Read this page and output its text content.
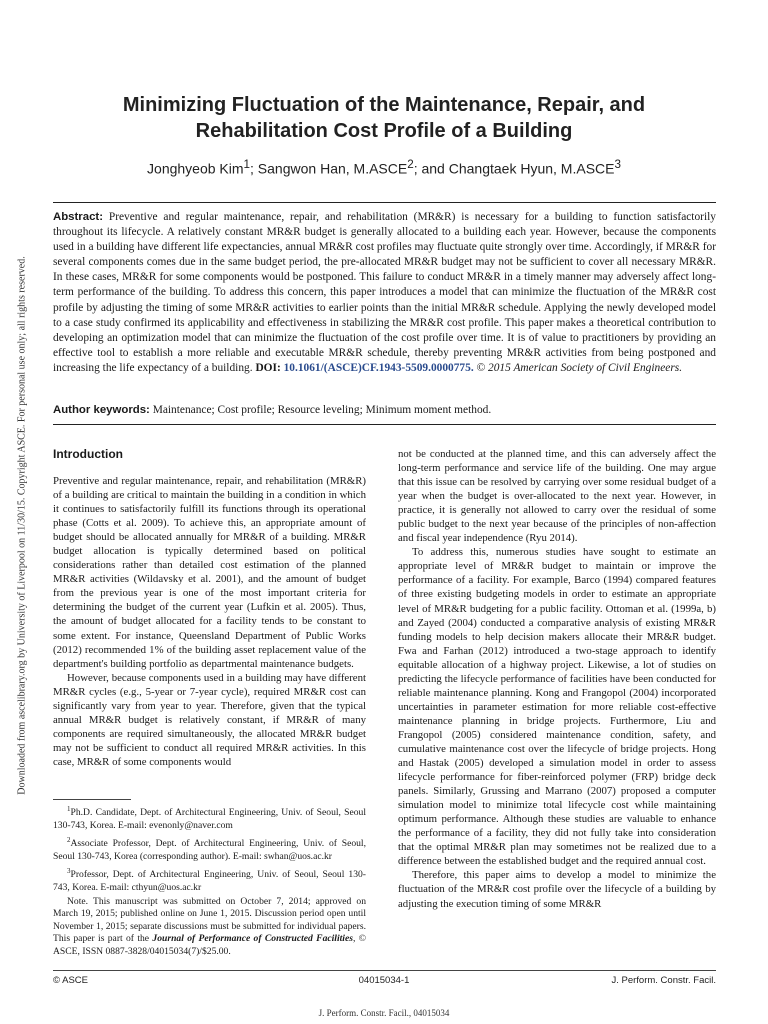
Downloaded from ascelibrary.org by University of Liverpool on 11/30/15. Copyright ASCE. For personal use only; all rights reserved.
Minimizing Fluctuation of the Maintenance, Repair, and
Rehabilitation Cost Profile of a Building
Jonghyeob Kim$^1$; Sangwon Han, M.ASCE$^2$; and Changtaek Hyun, M.ASCE$^3$
Abstract: Preventive and regular maintenance, repair, and rehabilitation (MR&R) is necessary for a building to function satisfactorily throughout its lifecycle. A relatively constant MR&R budget is generally allocated to a building each year. However, because the components used in a building have different life expectancies, annual MR&R cost profiles may fluctuate quite strongly over time. Accordingly, if MR&R for several components comes due in the same budget period, the pre-allocated MR&R budget may not be sufficient to cover all necessary MR&R. In these cases, MR&R for some components would be postponed. This failure to conduct MR&R in a timely manner may adversely affect long-term performance of the building. To address this concern, this paper introduces a model that can minimize the fluctuation of the MR&R cost profile by adjusting the timing of some MR&R activities to earlier points than the initial MR&R schedule. Applying the newly developed model to a case study confirmed its applicability and effectiveness in stabilizing the MR&R cost profile. This paper makes a theoretical contribution to developing an optimization model that can minimize the fluctuation of the cost profile over time. It is of value to practitioners by providing an effective tool to establish a more reliable and executable MR&R schedule, thereby preventing MR&R activities from being postponed and increasing the life expectancy of a building. DOI: 10.1061/(ASCE)CF.1943-5509.0000775. © 2015 American Society of Civil Engineers.
Author keywords: Maintenance; Cost profile; Resource leveling; Minimum moment method.
Introduction

Preventive and regular maintenance, repair, and rehabilitation (MR&R) of a building are critical to maintain the building in a condition in which it continues to satisfactorily fulfill its functions through its operational phase (Cotts et al. 2009). To achieve this, an appropriate amount of budget should be allocated annually for MR&R of a building. MR&R budget allocation is typically determined based on political considerations rather than detailed cost estimation of the planned MR&R activities (Wildavsky et al. 2001), and the amount of budget from the previous year is one of the most important criteria for determining the budget of the current year (Lufkin et al. 2005). Thus, the amount of budget allocated for a facility tends to be constant to some extent. For instance, Queensland Department of Public Works (2012) recommended 1% of the building asset replacement value of the department's building portfolio as departmental maintenance budgets.

However, because components used in a building may have different MR&R cycles (e.g., 5-year or 7-year cycle), required MR&R cost can significantly vary from year to year. Therefore, given that the typical annual MR&R budget is relatively constant, if MR&R of many components are required simultaneously, the allocated MR&R budget may not be sufficient to conduct all required MR&R activities. In this case, MR&R of some components would

$^1$Ph.D. Candidate, Dept. of Architectural Engineering, Univ. of Seoul, Seoul 130-743, Korea. E-mail: evenonly@naver.com

$^2$Associate Professor, Dept. of Architectural Engineering, Univ. of Seoul, Seoul 130-743, Korea (corresponding author). E-mail: swhan@uos.ac.kr

$^3$Professor, Dept. of Architectural Engineering, Univ. of Seoul, Seoul 130-743, Korea. E-mail: cthyun@uos.ac.kr

Note. This manuscript was submitted on October 7, 2014; approved on March 19, 2015; published online on June 1, 2015. Discussion period open until November 1, 2015; separate discussions must be submitted for individual papers. This paper is part of the Journal of Performance of Constructed Facilities, © ASCE, ISSN 0887-3828/04015034(7)/$25.00.

not be conducted at the planned time, and this can adversely affect the long-term performance and service life of the building. One may argue that this issue can be resolved by carrying over some residual budget of a year when the budget is over-allocated to the next year. However, in practice, it is generally not allowed to carry over the residual of some public budget to the next year because of the principles of non-affection and fiscal year independence (Ryu 2014).

To address this, numerous studies have sought to estimate an appropriate level of MR&R budget to maintain or improve the performance of a facility. For example, Barco (1994) compared features of three existing budgeting models in order to estimate an appropriate level of MR&R budgeting for a public facility. Ottoman et al. (1999a, b) and Zayed (2004) conducted a comparative analysis of existing MR&R funding models to help decision makers allocate their MR&R budget. Fwa and Farhan (2012) introduced a two-stage approach to identify equitable allocation of a highway project. Likewise, a lot of studies on predicting the lifecycle performance of facilities have been conducted for reliable maintenance planning. Kong and Frangopol (2004) incorporated uncertainties in parameter estimation for more reliable cost-effective maintenance planning in bridge projects. Furthermore, Liu and Frangopol (2005) considered maintenance condition, safety, and cumulative maintenance cost over the lifecycle of bridge projects. Hong and Hastak (2005) developed a simulation model in order to assess lifecycle performance for fiber-reinforced polymer (FRP) bridge deck panels. Similarly, Grussing and Marrano (2007) proposed a computer simulation model to minimize total lifecycle cost while maintaining optimum performance. Although these studies are valuable to enhance the performance of a facility, they did not fully take into consideration that the optimal MR&R plan may sometimes not be realized due to a difference between the established budget and the required annual cost.

Therefore, this paper aims to develop a model to minimize the fluctuation of the MR&R cost profile over the lifecycle of a building by adjusting the execution timing of some MR&R

© ASCE	04015034-1	J. Perform. Constr. Facil.
J. Perform. Constr. Facil., 04015034
